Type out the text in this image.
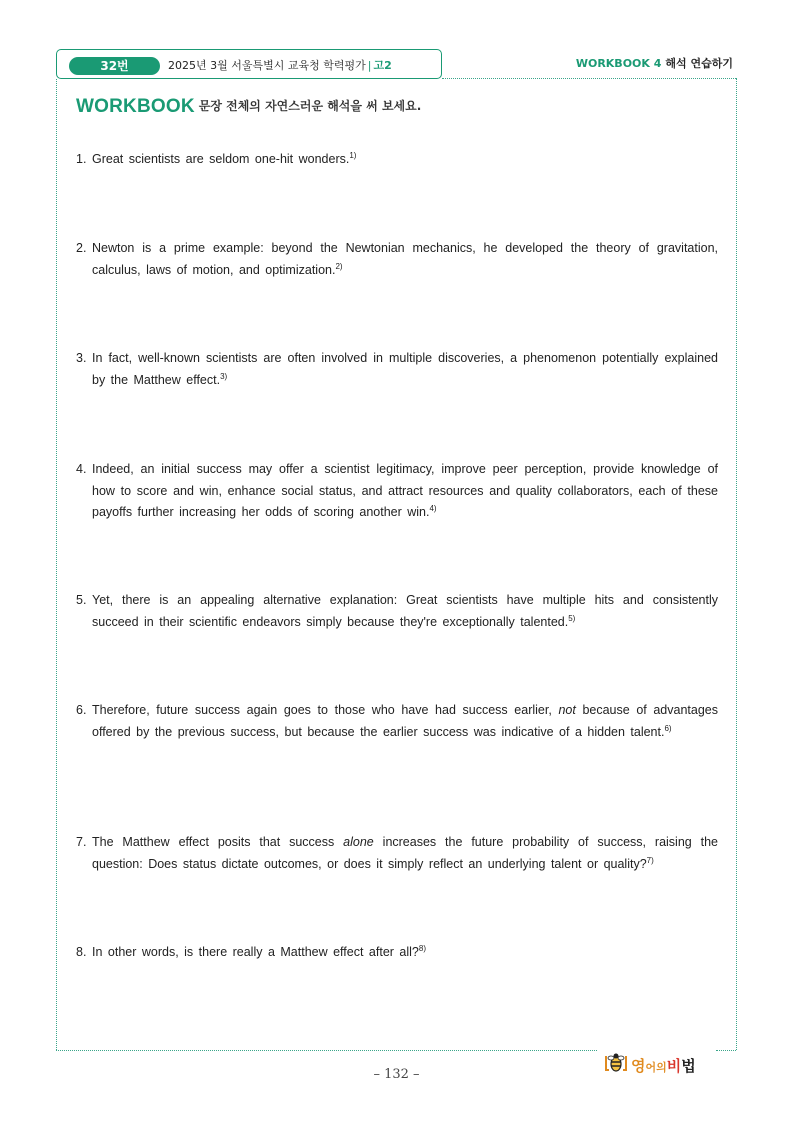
32번	2025년 3월 서울특별시 교육청 학력평가 | 고2	WORKBOOK 4 해석 연습하기
WORKBOOK 문장 전체의 자연스러운 해석을 써 보세요.
1. Great scientists are seldom one-hit wonders.$^{1)}$
2. Newton is a prime example: beyond the Newtonian mechanics, he developed the theory of gravitation, calculus, laws of motion, and optimization.$^{2)}$
3. In fact, well-known scientists are often involved in multiple discoveries, a phenomenon potentially explained by the Matthew effect.$^{3)}$
4. Indeed, an initial success may offer a scientist legitimacy, improve peer perception, provide knowledge of how to score and win, enhance social status, and attract resources and quality collaborators, each of these payoffs further increasing her odds of scoring another win.$^{4)}$
5. Yet, there is an appealing alternative explanation: Great scientists have multiple hits and consistently succeed in their scientific endeavors simply because they're exceptionally talented.$^{5)}$
6. Therefore, future success again goes to those who have had success earlier, not because of advantages offered by the previous success, but because the earlier success was indicative of a hidden talent.$^{6)}$
7. The Matthew effect posits that success alone increases the future probability of success, raising the question: Does status dictate outcomes, or does it simply reflect an underlying talent or quality?$^{7)}$
8. In other words, is there really a Matthew effect after all?$^{8)}$
– 132 –	영어의비법
